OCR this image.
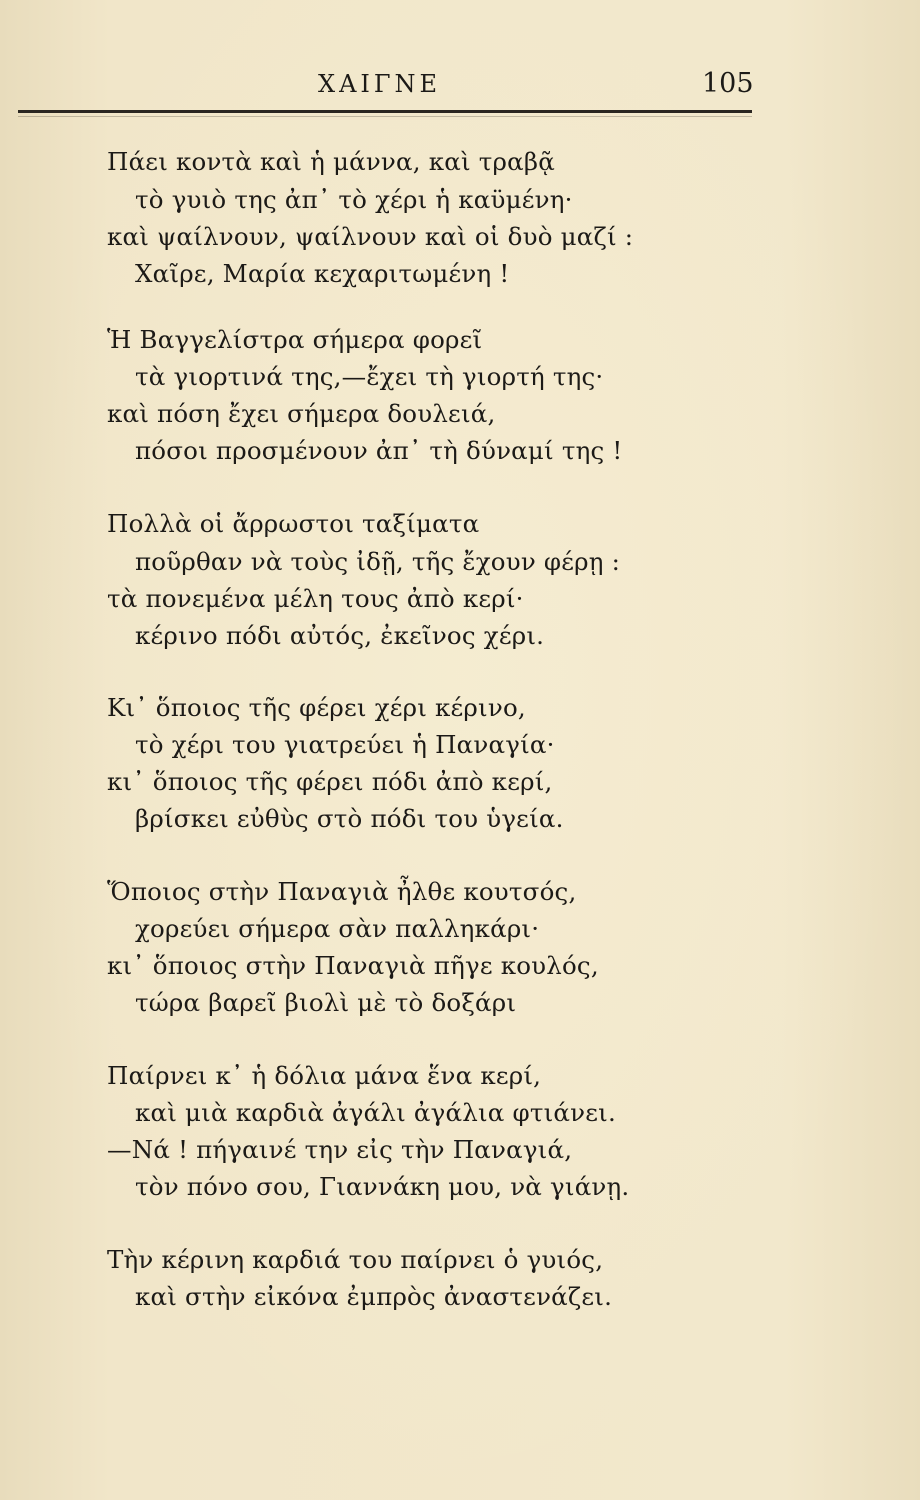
ΧΑΙΓΝΕ	105
Πάει κοντὰ καὶ ἡ μάννα, καὶ τραβᾷ
τὸ γυιὸ της ἀπ᾿ τὸ χέρι ἡ καϋμένη·
καὶ ψαίλνουν, ψαίλνουν καὶ οἱ δυὸ μαζί :
Χαῖρε, Μαρία κεχαριτωμένη !
Ἡ Βαγγελίστρα σήμερα φορεῖ
τὰ γιορτινά της,—ἔχει τὴ γιορτή της·
καὶ πόση ἔχει σήμερα δουλειά,
πόσοι προσμένουν ἀπ᾿ τὴ δύναμί της !
Πολλὰ οἱ ἄρρωστοι ταξίματα
ποῦρθαν νὰ τοὺς ἰδῇ, τῆς ἔχουν φέρῃ :
τὰ πονεμένα μέλη τους ἀπὸ κερί·
κέρινο πόδι αὐτός, ἐκεῖνος χέρι.
Κι᾿ ὅποιος τῆς φέρει χέρι κέρινο,
τὸ χέρι του γιατρεύει ἡ Παναγία·
κι᾿ ὅποιος τῆς φέρει πόδι ἀπὸ κερί,
βρίσκει εὐθὺς στὸ πόδι του ὑγεία.
Ὅποιος στὴν Παναγιὰ ἦλθε κουτσός,
χορεύει σήμερα σὰν παλληκάρι·
κι᾿ ὅποιος στὴν Παναγιὰ πῆγε κουλός,
τώρα βαρεῖ βιολὶ μὲ τὸ δοξάρι
Παίρνει κ᾿ ἡ δόλια μάνα ἕνα κερί,
καὶ μιὰ καρδιὰ ἀγάλι ἀγάλια φτιάνει.
—Νά ! πήγαινέ την εἰς τὴν Παναγιά,
τὸν πόνο σου, Γιαννάκη μου, νὰ γιάνῃ.
Τὴν κέρινη καρδιά του παίρνει ὁ γυιός,
καὶ στὴν εἰκόνα ἐμπρὸς ἀναστενάζει.
